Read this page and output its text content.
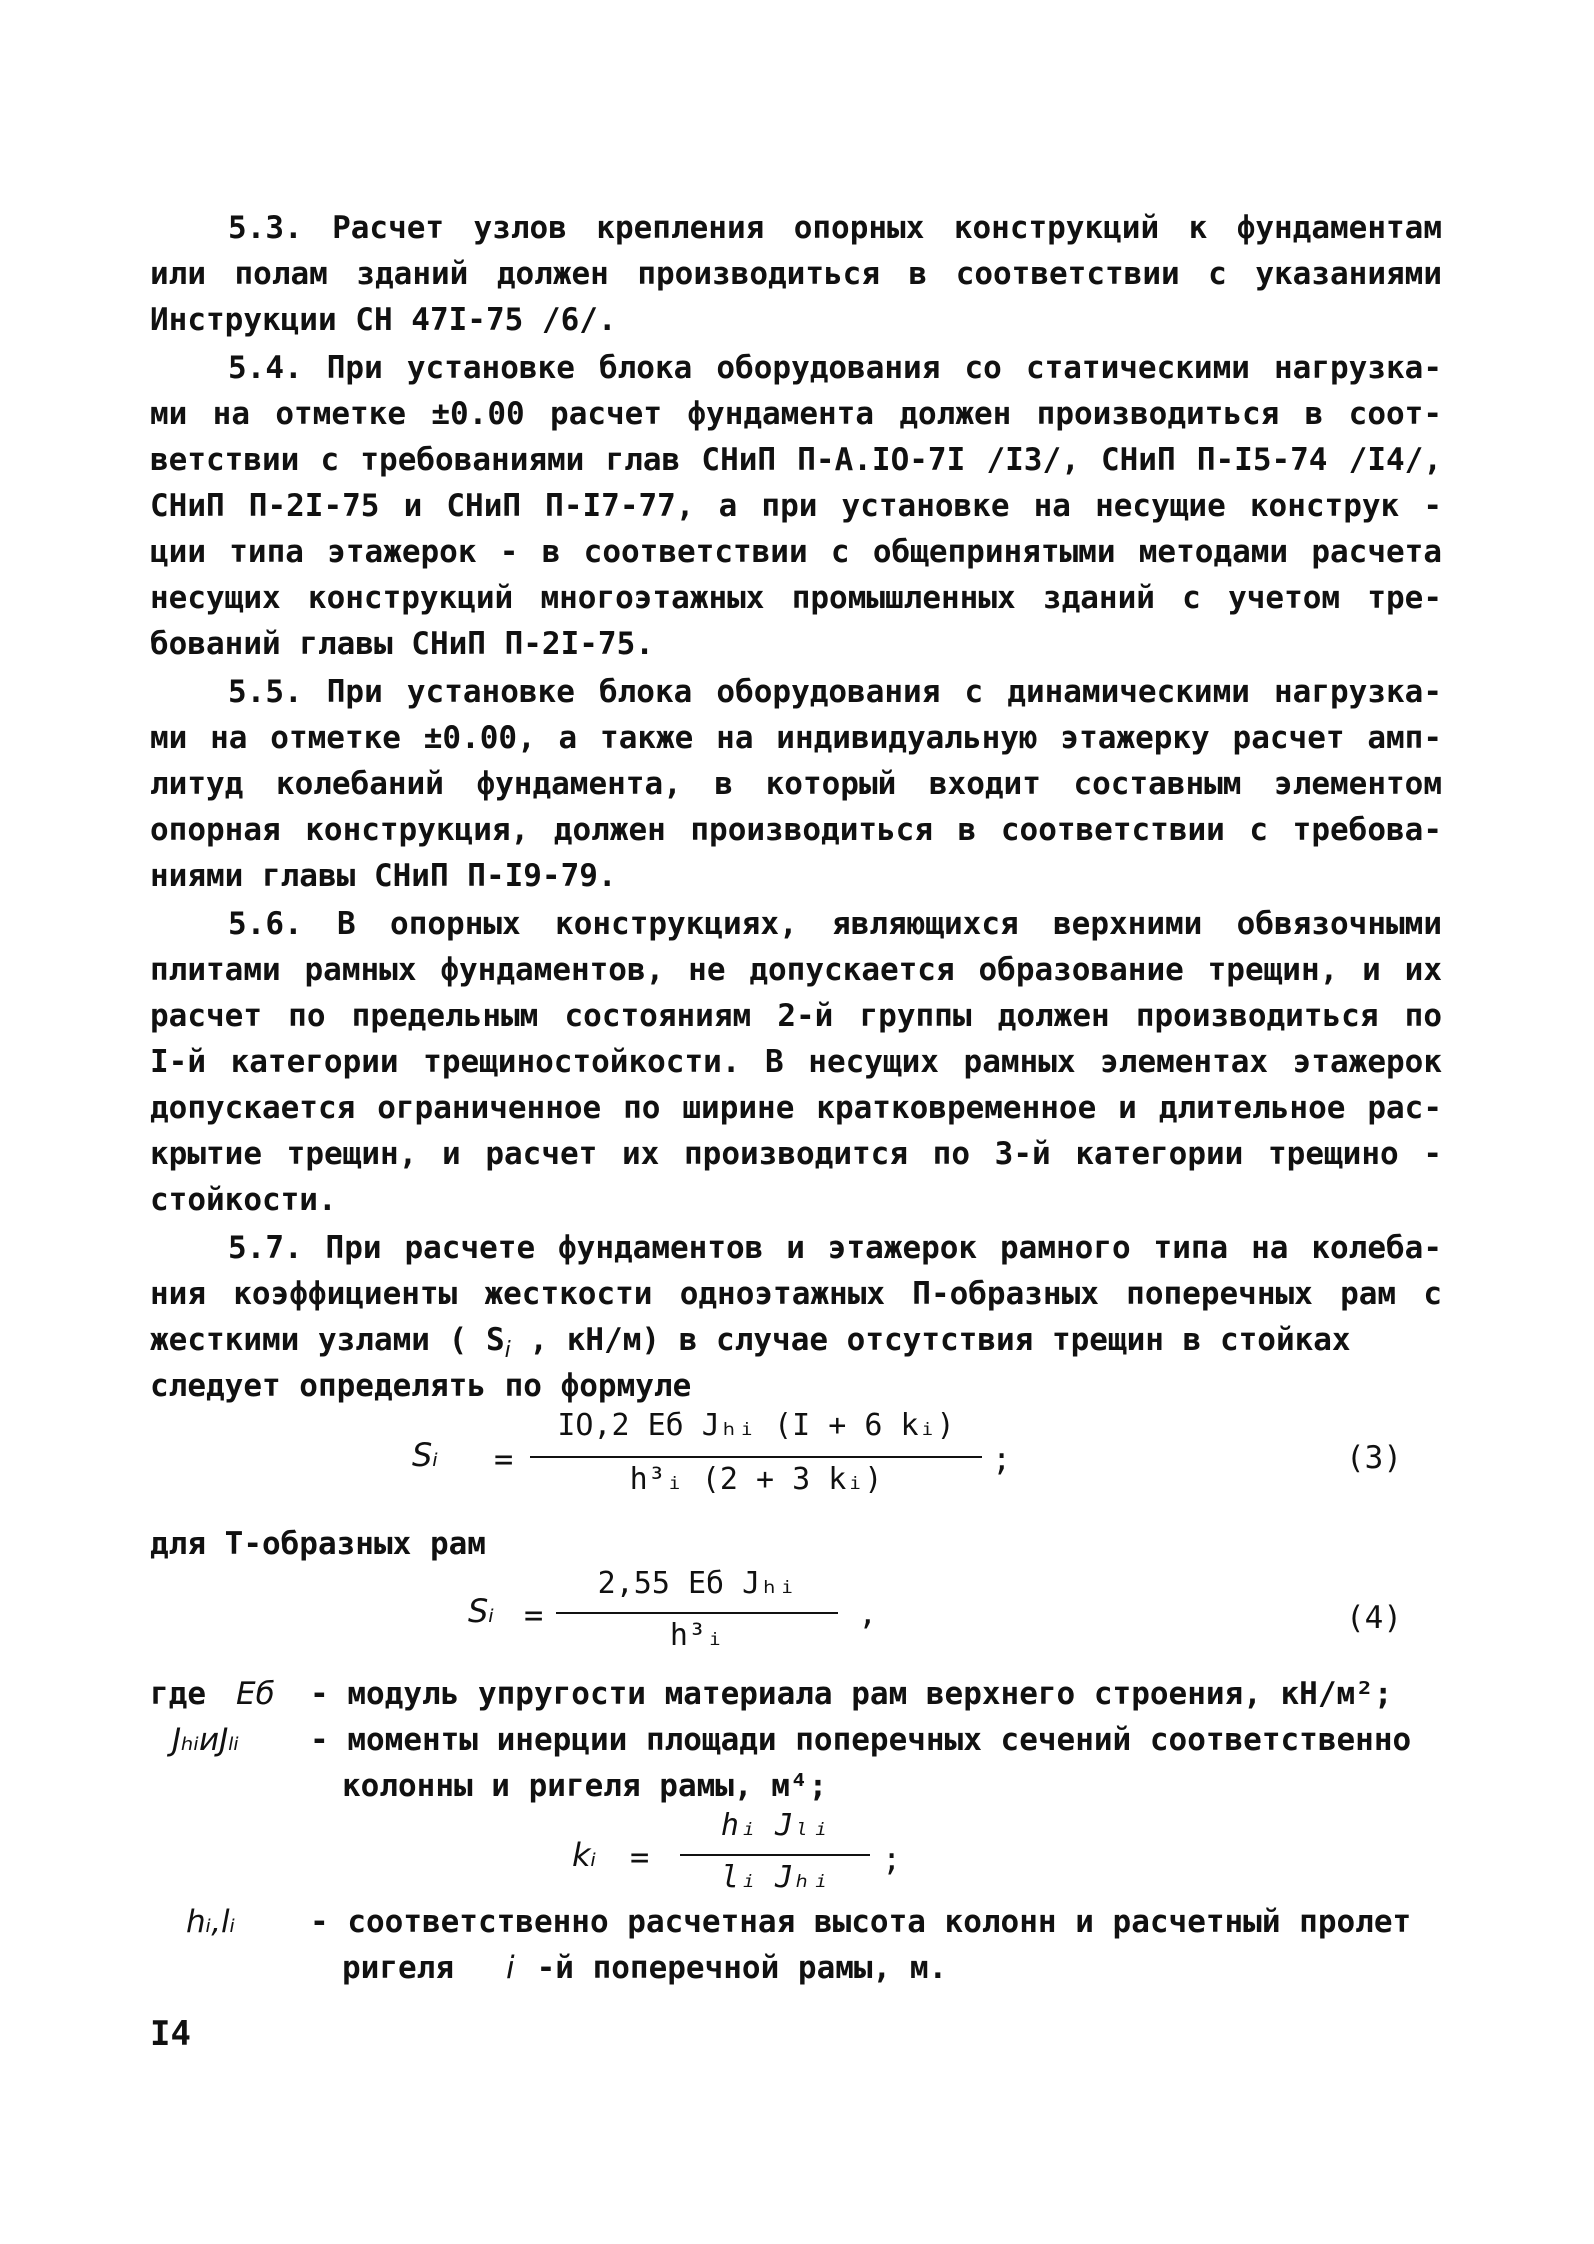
5.3. Расчет узлов крепления опорных конструкций к фундаментам
или полам зданий должен производиться в соответствии с указаниями
Инструкции СН 47I-75 /6/.
5.4. При установке блока оборудования со статическими нагрузка-
ми на отметке ±0.00 расчет фундамента должен производиться в соот-
ветствии с требованиями глав СНиП П-А.IO-7I /I3/, СНиП П-I5-74 /I4/,
СНиП П-2I-75 и СНиП П-I7-77, а при установке на несущие конструк -
ции типа этажерок - в соответствии с общепринятыми методами расчета
несущих конструкций многоэтажных промышленных зданий с учетом тре-
бований главы СНиП П-2I-75.
5.5. При установке блока оборудования с динамическими нагрузка-
ми на отметке ±0.00, а также на индивидуальную этажерку расчет амп-
литуд колебаний фундамента, в который входит составным элементом
опорная конструкция, должен производиться в соответствии с требова-
ниями главы СНиП П-I9-79.
5.6. В опорных конструкциях, являющихся верхними обвязочными
плитами рамных фундаментов, не допускается образование трещин, и их
расчет по предельным состояниям 2-й группы должен производиться по
I-й категории трещиностойкости. В несущих рамных элементах этажерок
допускается ограниченное по ширине кратковременное и длительное рас-
крытие трещин, и расчет их производится по 3-й категории трещино -
стойкости.
5.7. При расчете фундаментов и этажерок рамного типа на колеба-
ния коэффициенты жесткости одноэтажных П-образных поперечных рам с
жесткими узлами ( $S_i$ , кН/м) в случае отсутствия трещин в стойках
следует определять по формуле
Sᵢ =
IO,2 Eб Jₕᵢ (I + 6 kᵢ)
h³ᵢ (2 + 3 kᵢ)
;	(3)
для Т-образных рам
Sᵢ =
2,55 Eб Jₕᵢ
h³ᵢ
,	(4)
где Eб - модуль упругости материала рам верхнего строения, кН/м²;
JₕᵢиJₗᵢ - моменты инерции площади поперечных сечений соответственно
колонны и ригеля рамы, м⁴;
kᵢ =
hᵢ Jₗᵢ
lᵢ Jₕᵢ	;
hᵢ,lᵢ - соответственно расчетная высота колонн и расчетный пролет
ригеля i -й поперечной рамы, м.
I4
